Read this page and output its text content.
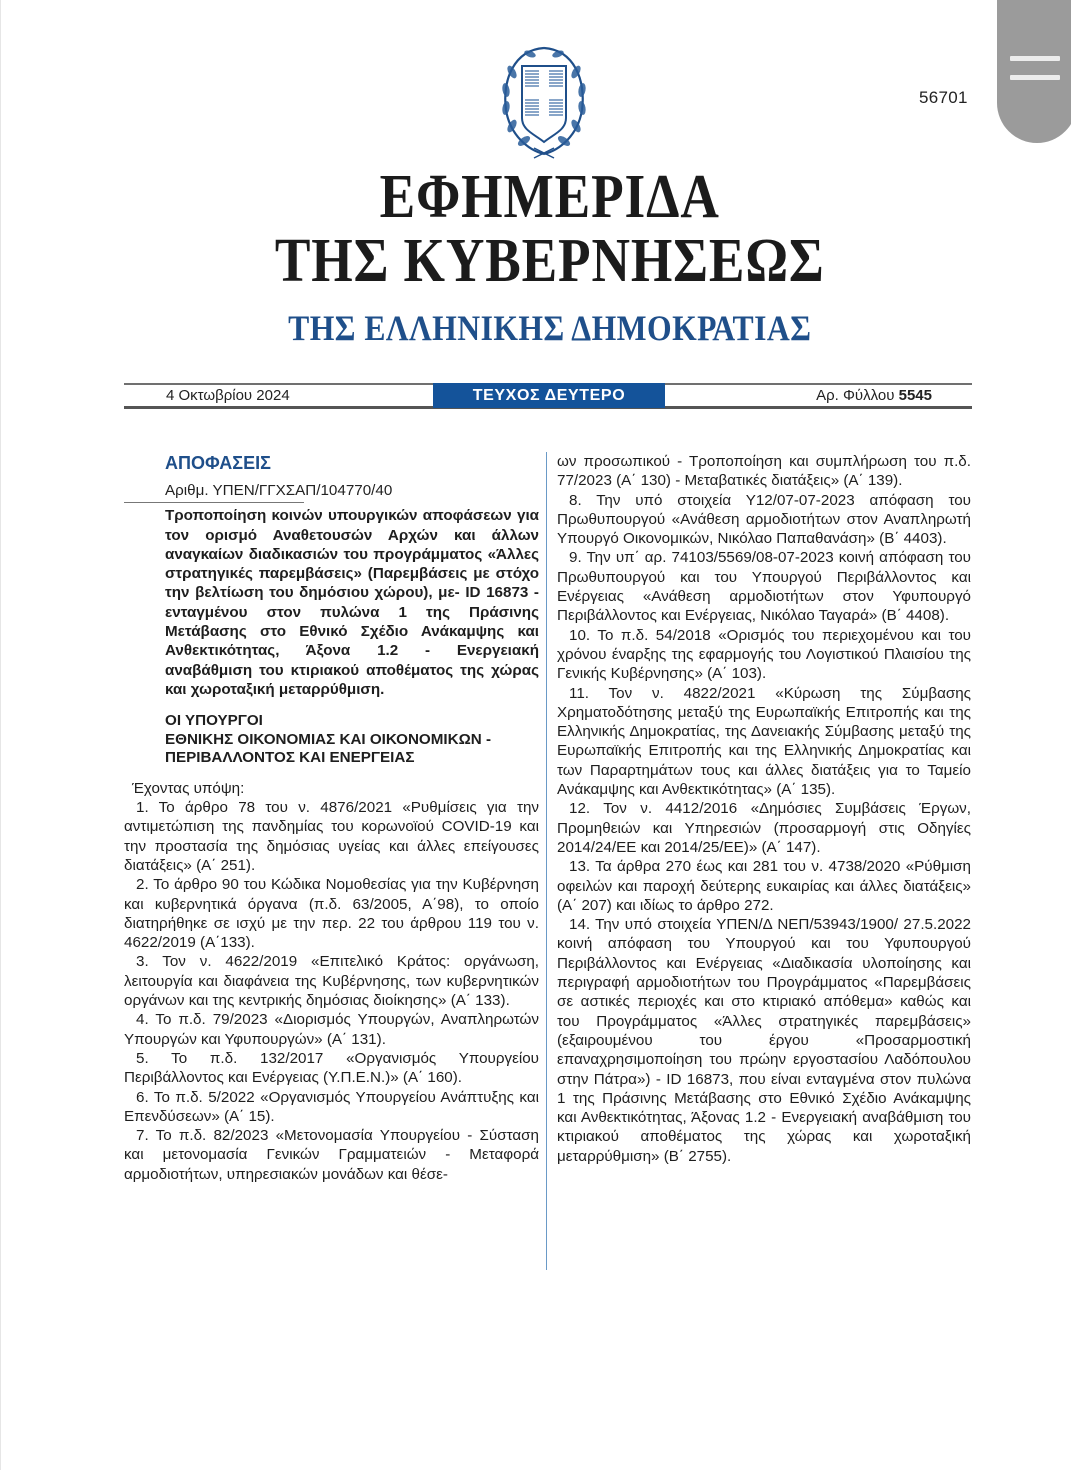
56701
ΕΦΗΜΕΡΙΔΑ
ΤΗΣ ΚΥΒΕΡΝΗΣΕΩΣ
ΤΗΣ ΕΛΛΗΝΙΚΗΣ ΔΗΜΟΚΡΑΤΙΑΣ
4 Οκτωβρίου 2024	ΤΕΥΧΟΣ ΔΕΥΤΕΡΟ	Αρ. Φύλλου 5545
ΑΠΟΦΑΣΕΙΣ
Αριθμ. ΥΠΕΝ/ΓΓΧΣΑΠ/104770/40
Τροποποίηση κοινών υπουργικών αποφάσεων για τον ορισμό Αναθετουσών Αρχών και άλλων αναγκαίων διαδικασιών του προγράμματος «Άλλες στρατηγικές παρεμβάσεις» (Παρεμβάσεις με στόχο την βελτίωση του δημόσιου χώρου), με- ID 16873 - ενταγμένου στον πυλώνα 1 της Πράσινης Μετάβασης στο Εθνικό Σχέδιο Ανάκαμψης και Ανθεκτικότητας, Άξονα 1.2 - Ενεργειακή αναβάθμιση του κτιριακού αποθέματος της χώρας και χωροταξική μεταρρύθμιση.
ΟΙ ΥΠΟΥΡΓΟΙ
ΕΘΝΙΚΗΣ ΟΙΚΟΝΟΜΙΑΣ ΚΑΙ ΟΙΚΟΝΟΜΙΚΩΝ -
ΠΕΡΙΒΑΛΛΟΝΤΟΣ ΚΑΙ ΕΝΕΡΓΕΙΑΣ
Έχοντας υπόψη:

1. Το άρθρο 78 του ν. 4876/2021 «Ρυθμίσεις για την αντιμετώπιση της πανδημίας του κορωνοϊού COVID-19 και την προστασία της δημόσιας υγείας και άλλες επείγουσες διατάξεις» (Α΄ 251).

2. Το άρθρο 90 του Κώδικα Νομοθεσίας για την Κυβέρνηση και κυβερνητικά όργανα (π.δ. 63/2005, Α΄98), το οποίο διατηρήθηκε σε ισχύ με την περ. 22 του άρθρου 119 του ν. 4622/2019 (Α΄133).

3. Τον ν. 4622/2019 «Επιτελικό Κράτος: οργάνωση, λειτουργία και διαφάνεια της Κυβέρνησης, των κυβερνητικών οργάνων και της κεντρικής δημόσιας διοίκησης» (Α΄ 133).

4. Το π.δ. 79/2023 «Διορισμός Υπουργών, Αναπληρωτών Υπουργών και Υφυπουργών» (Α΄ 131).

5. Το π.δ. 132/2017 «Οργανισμός Υπουργείου Περιβάλλοντος και Ενέργειας (Υ.Π.Ε.Ν.)» (Α΄ 160).

6. Το π.δ. 5/2022 «Οργανισμός Υπουργείου Ανάπτυξης και Επενδύσεων» (Α΄ 15).

7. Το π.δ. 82/2023 «Μετονομασία Υπουργείου - Σύσταση και μετονομασία Γενικών Γραμματειών - Μεταφορά αρμοδιοτήτων, υπηρεσιακών μονάδων και θέσε-

ων προσωπικού - Τροποποίηση και συμπλήρωση του π.δ. 77/2023 (Α΄ 130) - Μεταβατικές διατάξεις» (Α΄ 139).

8. Την υπό στοιχεία Υ12/07-07-2023 απόφαση του Πρωθυπουργού «Ανάθεση αρμοδιοτήτων στον Αναπληρωτή Υπουργό Οικονομικών, Νικόλαο Παπαθανάση» (Β΄ 4403).

9. Την υπ΄ αρ. 74103/5569/08-07-2023 κοινή απόφαση του Πρωθυπουργού και του Υπουργού Περιβάλλοντος και Ενέργειας «Ανάθεση αρμοδιοτήτων στον Υφυπουργό Περιβάλλοντος και Ενέργειας, Νικόλαο Ταγαρά» (Β΄ 4408).

10. Το π.δ. 54/2018 «Ορισμός του περιεχομένου και του χρόνου έναρξης της εφαρμογής του Λογιστικού Πλαισίου της Γενικής Κυβέρνησης» (Α΄ 103).

11. Τον ν. 4822/2021 «Κύρωση της Σύμβασης Χρηματοδότησης μεταξύ της Ευρωπαϊκής Επιτροπής και της Ελληνικής Δημοκρατίας, της Δανειακής Σύμβασης μεταξύ της Ευρωπαϊκής Επιτροπής και της Ελληνικής Δημοκρατίας και των Παραρτημάτων τους και άλλες διατάξεις για το Ταμείο Ανάκαμψης και Ανθεκτικότητας» (Α΄ 135).

12. Τον ν. 4412/2016 «Δημόσιες Συμβάσεις Έργων, Προμηθειών και Υπηρεσιών (προσαρμογή στις Οδηγίες 2014/24/ΕΕ και 2014/25/ΕΕ)» (Α΄ 147).

13. Τα άρθρα 270 έως και 281 του ν. 4738/2020 «Ρύθμιση οφειλών και παροχή δεύτερης ευκαιρίας και άλλες διατάξεις» (Α΄ 207) και ιδίως το άρθρο 272.

14. Την υπό στοιχεία ΥΠΕΝ/Δ ΝΕΠ/53943/1900/ 27.5.2022 κοινή απόφαση του Υπουργού και του Υφυπουργού Περιβάλλοντος και Ενέργειας «Διαδικασία υλοποίησης και περιγραφή αρμοδιοτήτων του Προγράμματος «Παρεμβάσεις σε αστικές περιοχές και στο κτιριακό απόθεμα» καθώς και του Προγράμματος «Άλλες στρατηγικές παρεμβάσεις» (εξαιρουμένου του έργου «Προσαρμοστική επαναχρησιμοποίηση του πρώην εργοστασίου Λαδόπουλου στην Πάτρα») - ID 16873, που είναι ενταγμένα στον πυλώνα 1 της Πράσινης Μετάβασης στο Εθνικό Σχέδιο Ανάκαμψης και Ανθεκτικότητας, Άξονας 1.2 - Ενεργειακή αναβάθμιση του κτιριακού αποθέματος της χώρας και χωροταξική μεταρρύθμιση» (Β΄ 2755).
